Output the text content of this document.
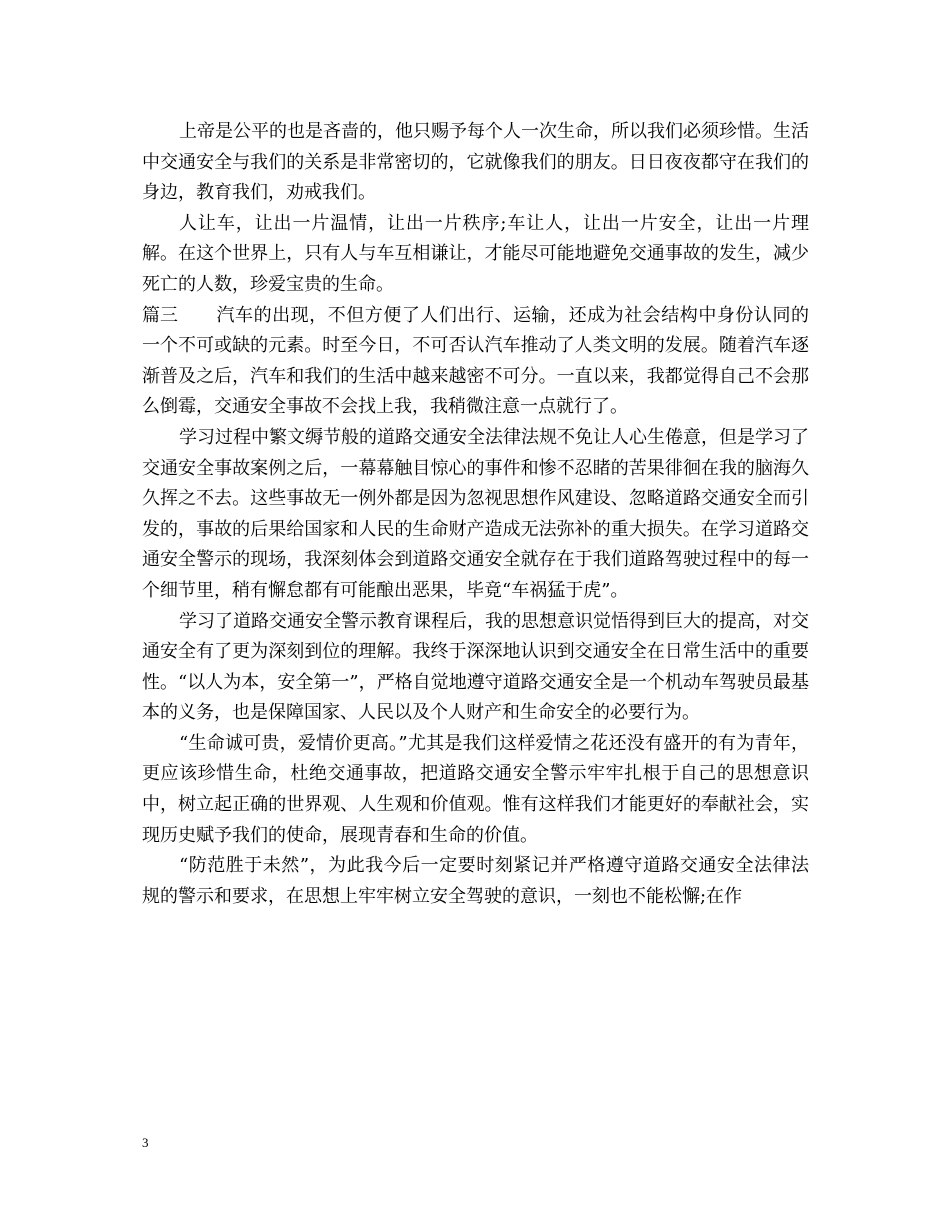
上帝是公平的也是吝啬的，他只赐予每个人一次生命，所以我们必须珍惜。生活中交通安全与我们的关系是非常密切的，它就像我们的朋友。日日夜夜都守在我们的身边，教育我们，劝戒我们。

人让车，让出一片温情，让出一片秩序;车让人，让出一片安全，让出一片理解。在这个世界上，只有人与车互相谦让，才能尽可能地避免交通事故的发生，减少死亡的人数，珍爱宝贵的生命。

篇三 汽车的出现，不但方便了人们出行、运输，还成为社会结构中身份认同的一个不可或缺的元素。时至今日，不可否认汽车推动了人类文明的发展。随着汽车逐渐普及之后，汽车和我们的生活中越来越密不可分。一直以来，我都觉得自己不会那么倒霉，交通安全事故不会找上我，我稍微注意一点就行了。

学习过程中繁文缛节般的道路交通安全法律法规不免让人心生倦意，但是学习了交通安全事故案例之后，一幕幕触目惊心的事件和惨不忍睹的苦果徘徊在我的脑海久久挥之不去。这些事故无一例外都是因为忽视思想作风建设、忽略道路交通安全而引发的，事故的后果给国家和人民的生命财产造成无法弥补的重大损失。在学习道路交通安全警示的现场，我深刻体会到道路交通安全就存在于我们道路驾驶过程中的每一个细节里，稍有懈怠都有可能酿出恶果，毕竟“车祸猛于虎”。

学习了道路交通安全警示教育课程后，我的思想意识觉悟得到巨大的提高，对交通安全有了更为深刻到位的理解。我终于深深地认识到交通安全在日常生活中的重要性。“以人为本，安全第一”，严格自觉地遵守道路交通安全是一个机动车驾驶员最基本的义务，也是保障国家、人民以及个人财产和生命安全的必要行为。

“生命诚可贵，爱情价更高。”尤其是我们这样爱情之花还没有盛开的有为青年，更应该珍惜生命，杜绝交通事故，把道路交通安全警示牢牢扎根于自己的思想意识中，树立起正确的世界观、人生观和价值观。惟有这样我们才能更好的奉献社会，实现历史赋予我们的使命，展现青春和生命的价值。

“防范胜于未然”，为此我今后一定要时刻紧记并严格遵守道路交通安全法律法规的警示和要求，在思想上牢牢树立安全驾驶的意识，一刻也不能松懈;在作

3
